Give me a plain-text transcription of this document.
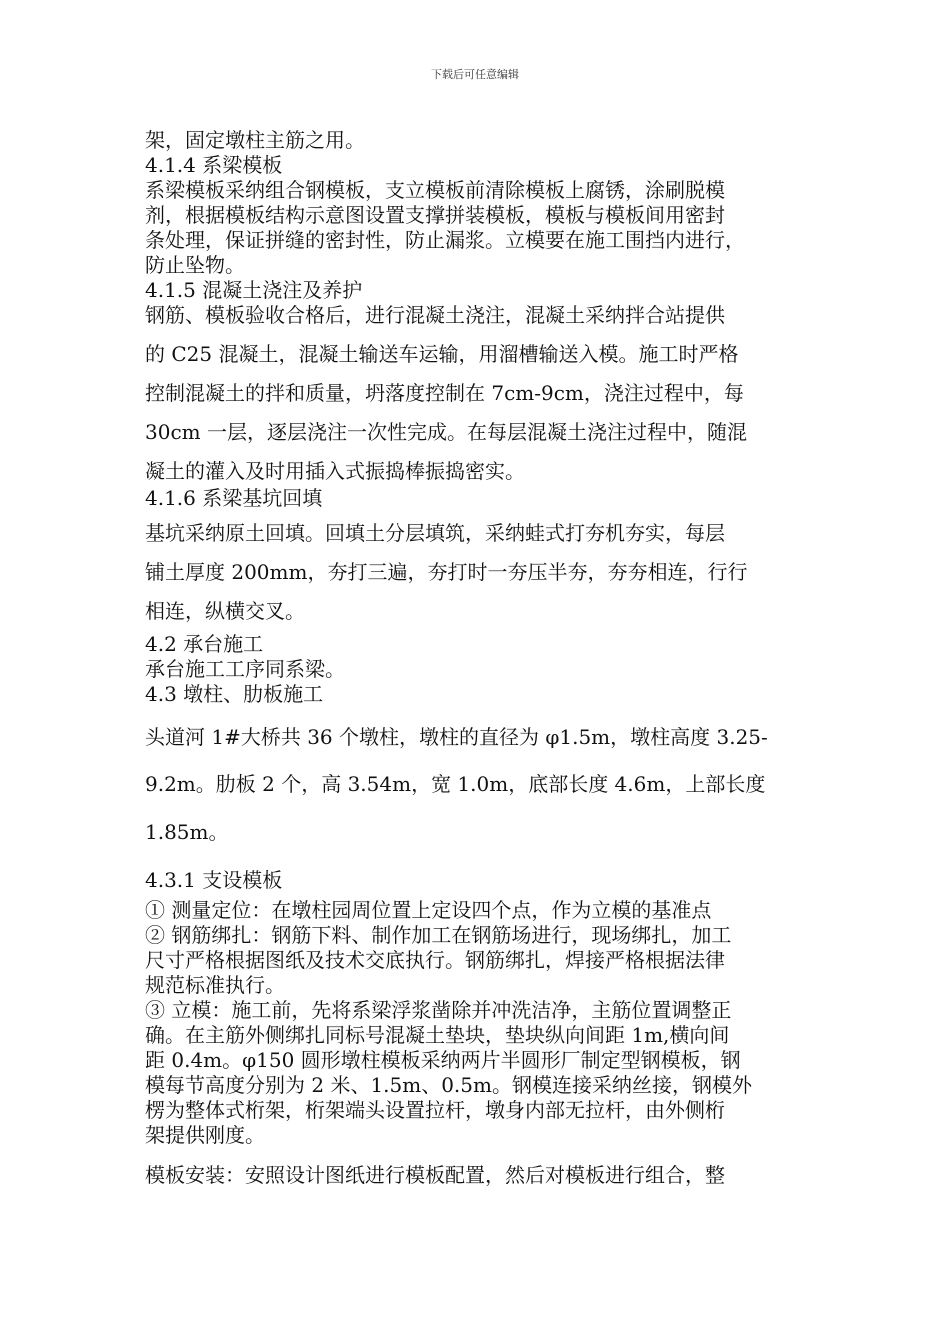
下载后可任意编辑
架，固定墩柱主筋之用。
4.1.4 系梁模板
系梁模板采纳组合钢模板，支立模板前清除模板上腐锈，涂刷脱模
剂，根据模板结构示意图设置支撑拼装模板，模板与模板间用密封
条处理，保证拼缝的密封性，防止漏浆。立模要在施工围挡内进行，
防止坠物。
4.1.5 混凝土浇注及养护
钢筋、模板验收合格后，进行混凝土浇注，混凝土采纳拌合站提供
的 C25 混凝土，混凝土输送车运输，用溜槽输送入模。施工时严格
控制混凝土的拌和质量，坍落度控制在 7cm-9cm，浇注过程中，每
30cm 一层，逐层浇注一次性完成。在每层混凝土浇注过程中，随混
凝土的灌入及时用插入式振捣棒振捣密实。
4.1.6 系梁基坑回填
基坑采纳原土回填。回填土分层填筑，采纳蛙式打夯机夯实，每层
铺土厚度 200mm，夯打三遍，夯打时一夯压半夯，夯夯相连，行行
相连，纵横交叉。
4.2 承台施工
承台施工工序同系梁。
4.3 墩柱、肋板施工
头道河 1#大桥共 36 个墩柱，墩柱的直径为 φ1.5m，墩柱高度 3.25-
9.2m。肋板 2 个，高 3.54m，宽 1.0m，底部长度 4.6m，上部长度
1.85m。
4.3.1 支设模板
① 测量定位：在墩柱园周位置上定设四个点，作为立模的基准点
② 钢筋绑扎：钢筋下料、制作加工在钢筋场进行，现场绑扎，加工
尺寸严格根据图纸及技术交底执行。钢筋绑扎，焊接严格根据法律
规范标准执行。
③ 立模：施工前，先将系梁浮浆凿除并冲洗洁净，主筋位置调整正
确。在主筋外侧绑扎同标号混凝土垫块，垫块纵向间距 1m,横向间
距 0.4m。φ150 圆形墩柱模板采纳两片半圆形厂制定型钢模板，钢
模每节高度分别为 2 米、1.5m、0.5m。钢模连接采纳丝接，钢模外
楞为整体式桁架，桁架端头设置拉杆，墩身内部无拉杆，由外侧桁
架提供刚度。
模板安装：安照设计图纸进行模板配置，然后对模板进行组合，整
